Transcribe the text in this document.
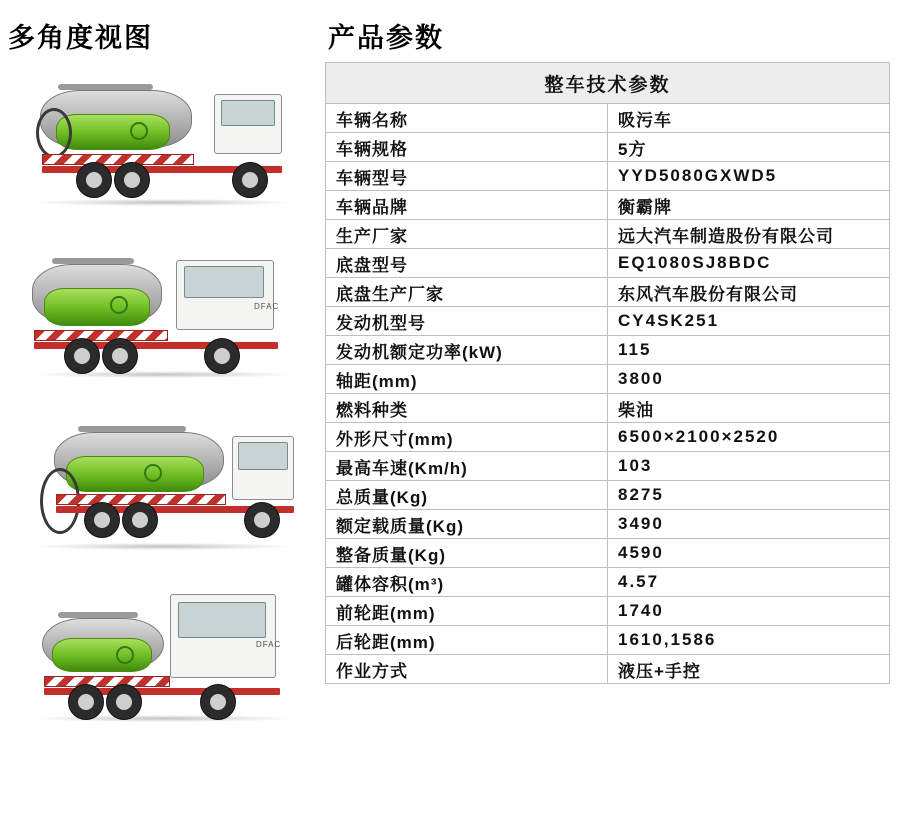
多角度视图
DFAC
DFAC
产品参数
整车技术参数	
车辆名称	吸污车
车辆规格	5方
车辆型号	YYD5080GXWD5
车辆品牌	衡霸牌
生产厂家	远大汽车制造股份有限公司
底盘型号	EQ1080SJ8BDC
底盘生产厂家	东风汽车股份有限公司
发动机型号	CY4SK251
发动机额定功率(kW)	115
轴距(mm)	3800
燃料种类	柴油
外形尺寸(mm)	6500×2100×2520
最高车速(Km/h)	103
总质量(Kg)	8275
额定载质量(Kg)	3490
整备质量(Kg)	4590
罐体容积(m³)	4.57
前轮距(mm)	1740
后轮距(mm)	1610,1586
作业方式	液压+手控
